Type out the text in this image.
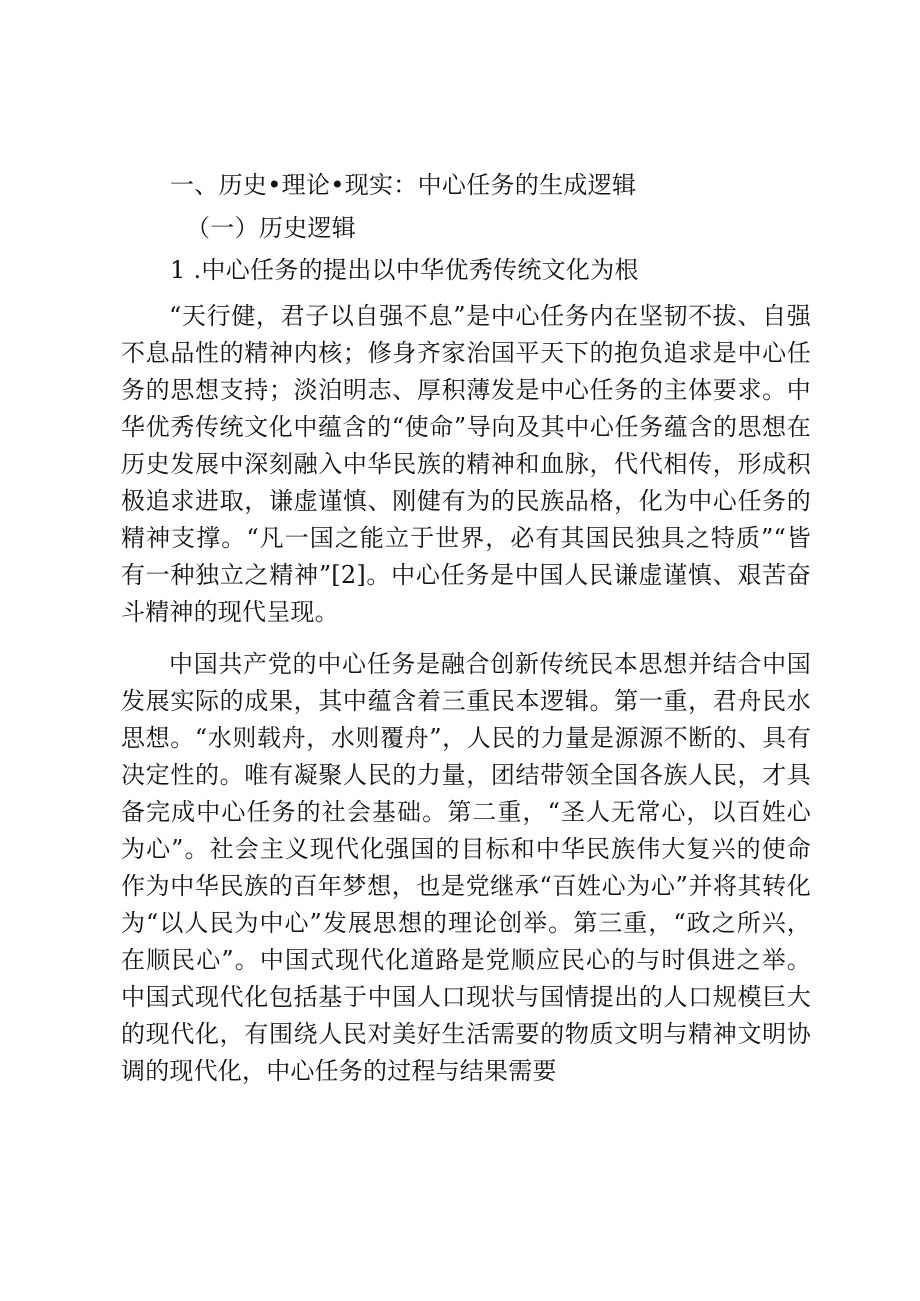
一、历史•理论•现实：中心任务的生成逻辑
（一）历史逻辑
1 .中心任务的提出以中华优秀传统文化为根

“天行健，君子以自强不息”是中心任务内在坚韧不拔、自强不息品性的精神内核；修身齐家治国平天下的抱负追求是中心任务的思想支持；淡泊明志、厚积薄发是中心任务的主体要求。中华优秀传统文化中蕴含的“使命”导向及其中心任务蕴含的思想在历史发展中深刻融入中华民族的精神和血脉，代代相传，形成积极追求进取，谦虚谨慎、刚健有为的民族品格，化为中心任务的精神支撑。“凡一国之能立于世界，必有其国民独具之特质”“皆有一种独立之精神”[2]。中心任务是中国人民谦虚谨慎、艰苦奋斗精神的现代呈现。

中国共产党的中心任务是融合创新传统民本思想并结合中国发展实际的成果，其中蕴含着三重民本逻辑。第一重，君舟民水思想。“水则载舟，水则覆舟”，人民的力量是源源不断的、具有决定性的。唯有凝聚人民的力量，团结带领全国各族人民，才具备完成中心任务的社会基础。第二重，“圣人无常心，以百姓心为心”。社会主义现代化强国的目标和中华民族伟大复兴的使命作为中华民族的百年梦想，也是党继承“百姓心为心”并将其转化为“以人民为中心”发展思想的理论创举。第三重，“政之所兴，在顺民心”。中国式现代化道路是党顺应民心的与时俱进之举。中国式现代化包括基于中国人口现状与国情提出的人口规模巨大的现代化，有围绕人民对美好生活需要的物质文明与精神文明协调的现代化，中心任务的过程与结果需要
